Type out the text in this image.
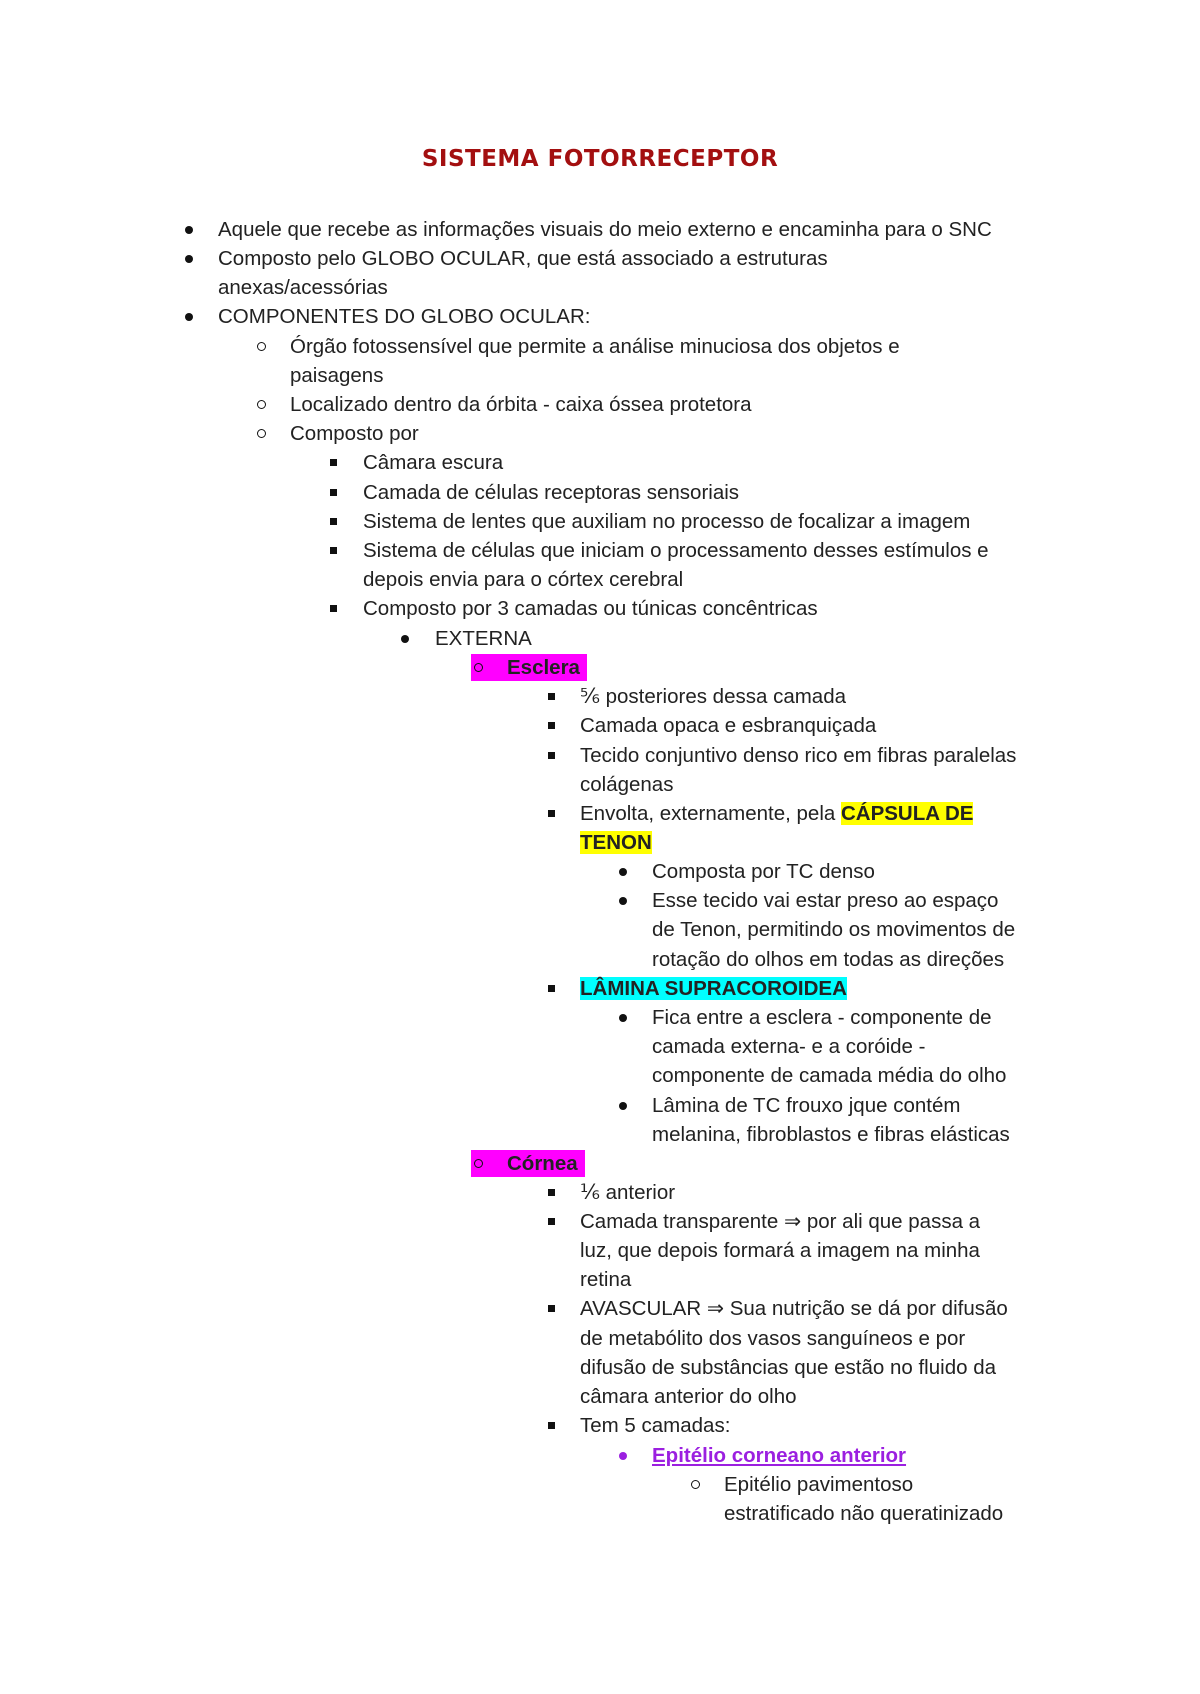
SISTEMA FOTORRECEPTOR
Aquele que recebe as informações visuais do meio externo e encaminha para o SNC
Composto pelo GLOBO OCULAR, que está associado a estruturas
anexas/acessórias
COMPONENTES DO GLOBO OCULAR:
Órgão fotossensível que permite a análise minuciosa dos objetos e
paisagens
Localizado dentro da órbita - caixa óssea protetora
Composto por
Câmara escura
Camada de células receptoras sensoriais
Sistema de lentes que auxiliam no processo de focalizar a imagem
Sistema de células que iniciam o processamento desses estímulos e
depois envia para o córtex cerebral
Composto por 3 camadas ou túnicas concêntricas
EXTERNA
Esclera
⅚ posteriores dessa camada
Camada opaca e esbranquiçada
Tecido conjuntivo denso rico em fibras paralelas
colágenas
Envolta, externamente, pela CÁPSULA DE
TENON
Composta por TC denso
Esse tecido vai estar preso ao espaço
de Tenon, permitindo os movimentos de
rotação do olhos em todas as direções
LÂMINA SUPRACOROIDEA
Fica entre a esclera - componente de
camada externa- e a coróide -
componente de camada média do olho
Lâmina de TC frouxo jque contém
melanina, fibroblastos e fibras elásticas
Córnea
⅙ anterior
Camada transparente ⇒ por ali que passa a
luz, que depois formará a imagem na minha
retina
AVASCULAR ⇒ Sua nutrição se dá por difusão
de metabólito dos vasos sanguíneos e por
difusão de substâncias que estão no fluido da
câmara anterior do olho
Tem 5 camadas:
Epitélio corneano anterior
Epitélio pavimentoso
estratificado não queratinizado
